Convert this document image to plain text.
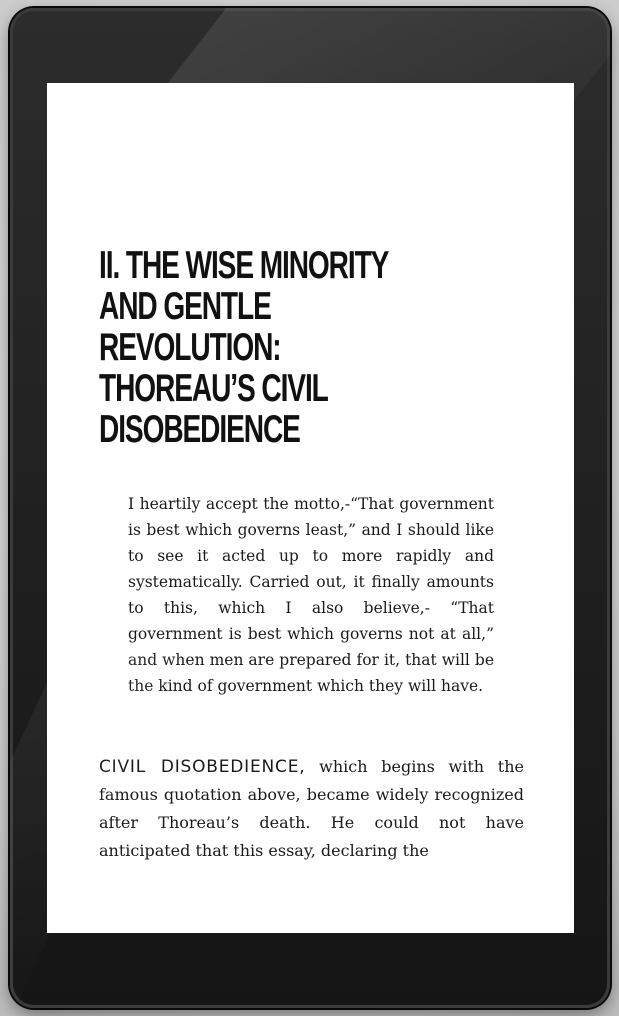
II. THE WISE MINORITY AND GENTLE REVOLUTION: THOREAU’S CIVIL DISOBEDIENCE

I heartily accept the motto,-“That government is best which governs least,” and I should like to see it acted up to more rapidly and systematically. Carried out, it finally amounts to this, which I also believe,- “That government is best which governs not at all,” and when men are prepared for it, that will be the kind of government which they will have.

CIVIL DISOBEDIENCE, which begins with the famous quotation above, became widely recognized after Thoreau’s death. He could not have anticipated that this essay, declaring the
